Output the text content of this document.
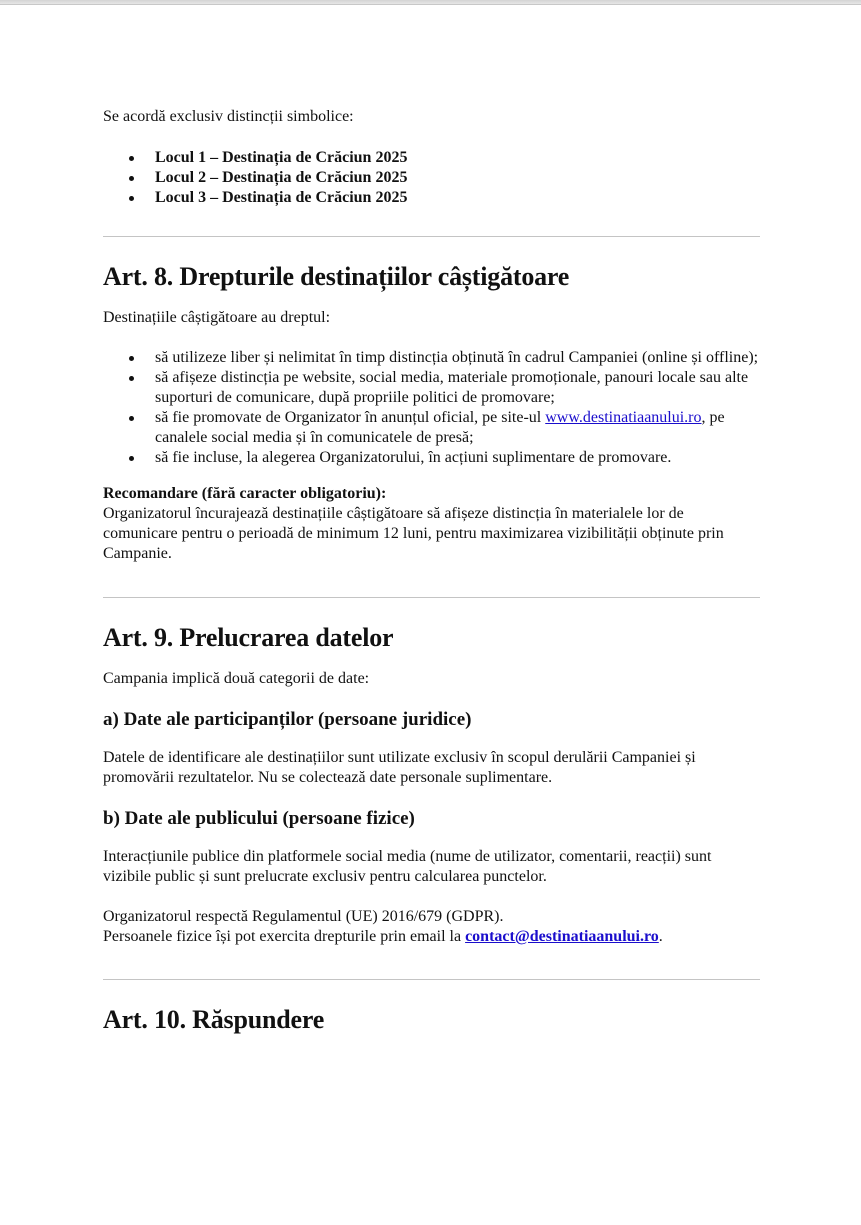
Se acordă exclusiv distincții simbolice:

Locul 1 – Destinația de Crăciun 2025
Locul 2 – Destinația de Crăciun 2025
Locul 3 – Destinația de Crăciun 2025
Art. 8. Drepturile destinațiilor câștigătoare

Destinațiile câștigătoare au dreptul:

să utilizeze liber și nelimitat în timp distincția obținută în cadrul Campaniei (online și offline);
să afișeze distincția pe website, social media, materiale promoționale, panouri locale sau alte suporturi de comunicare, după propriile politici de promovare;
să fie promovate de Organizator în anunțul oficial, pe site-ul www.destinatiaanului.ro, pe canalele social media și în comunicatele de presă;
să fie incluse, la alegerea Organizatorului, în acțiuni suplimentare de promovare.

Recomandare (fără caracter obligatoriu):

Organizatorul încurajează destinațiile câștigătoare să afișeze distincția în materialele lor de comunicare pentru o perioadă de minimum 12 luni, pentru maximizarea vizibilității obținute prin Campanie.

Art. 9. Prelucrarea datelor

Campania implică două categorii de date:

a) Date ale participanților (persoane juridice)

Datele de identificare ale destinațiilor sunt utilizate exclusiv în scopul derulării Campaniei și promovării rezultatelor. Nu se colectează date personale suplimentare.

b) Date ale publicului (persoane fizice)

Interacțiunile publice din platformele social media (nume de utilizator, comentarii, reacții) sunt vizibile public și sunt prelucrate exclusiv pentru calcularea punctelor.

Organizatorul respectă Regulamentul (UE) 2016/679 (GDPR).

Persoanele fizice își pot exercita drepturile prin email la contact@destinatiaanului.ro.

Art. 10. Răspundere
